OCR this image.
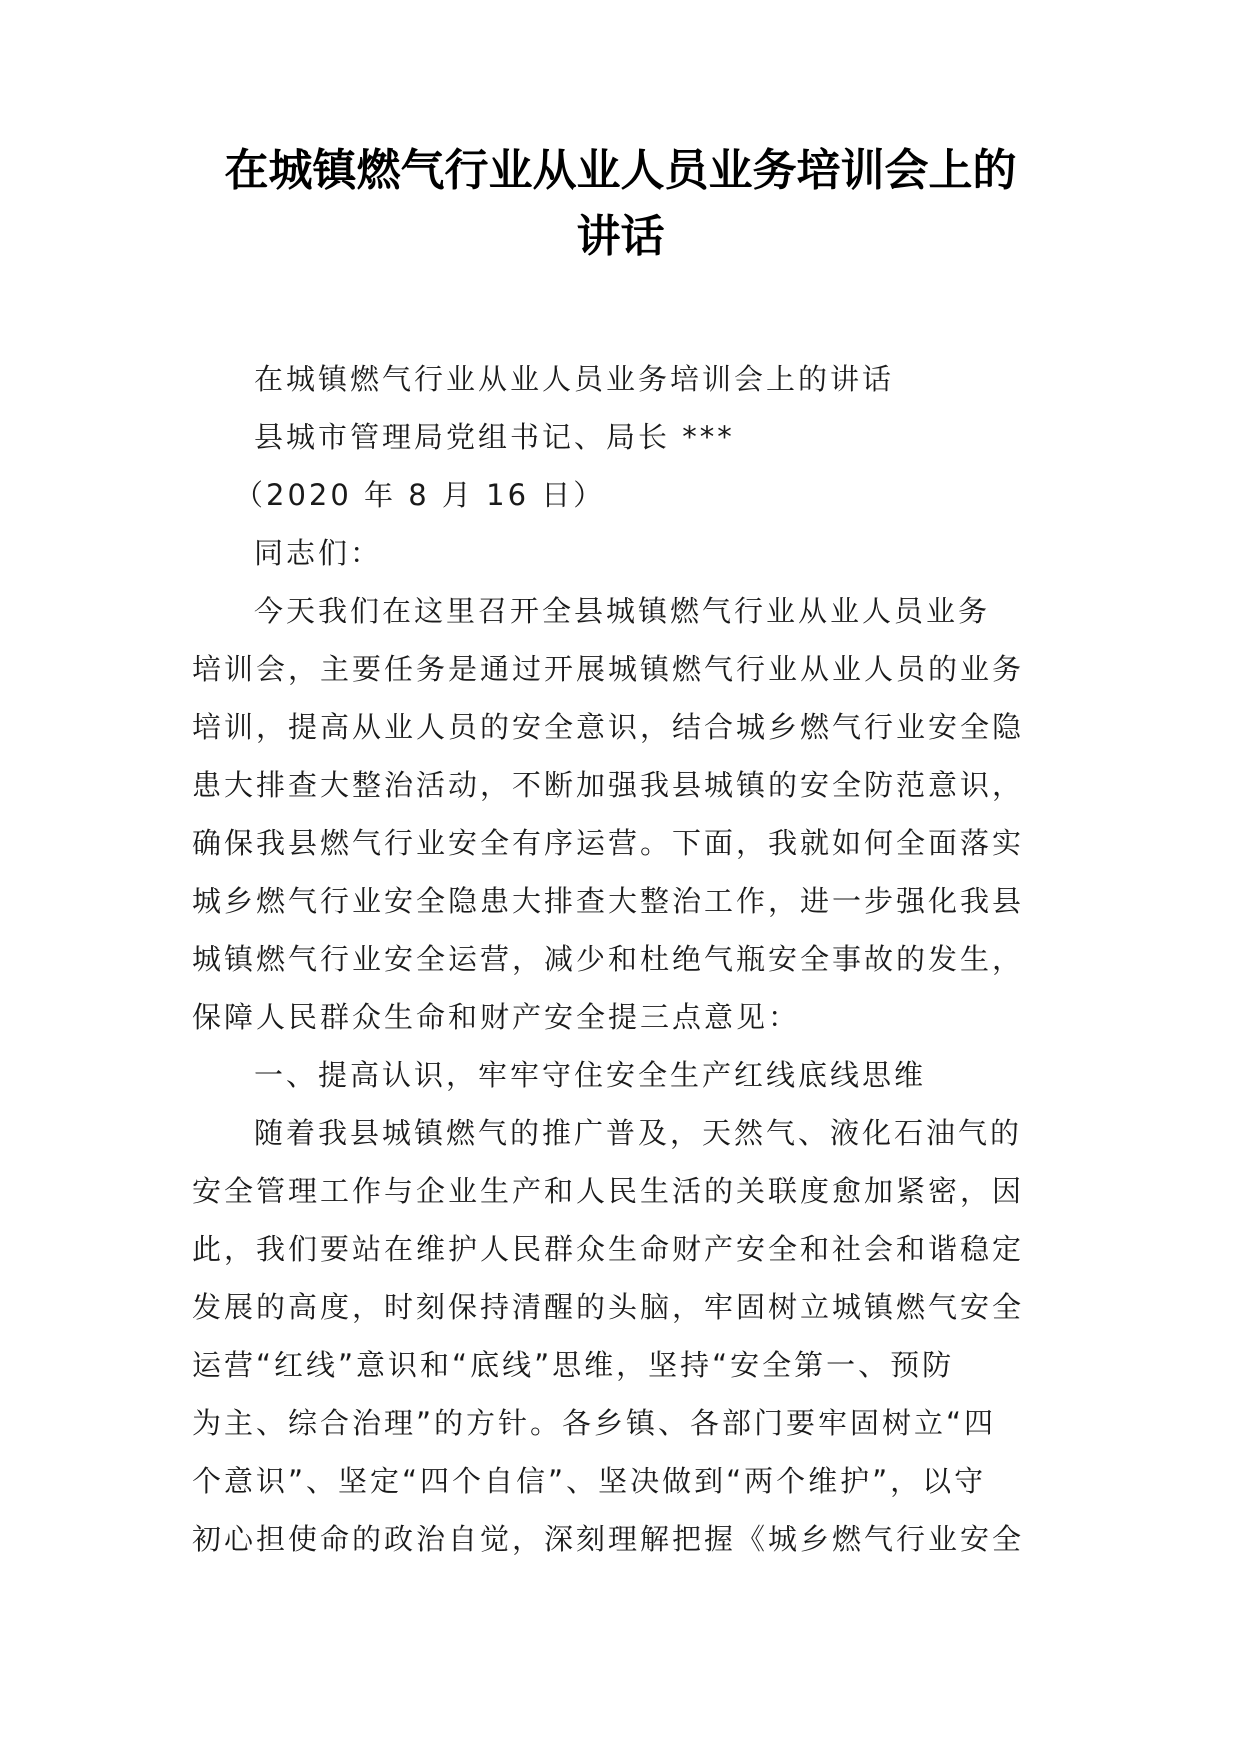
在城镇燃气行业从业人员业务培训会上的
讲话
在城镇燃气行业从业人员业务培训会上的讲话
县城市管理局党组书记、局长 ***
（2020 年 8 月 16 日）
同志们：
今天我们在这里召开全县城镇燃气行业从业人员业务
培训会，主要任务是通过开展城镇燃气行业从业人员的业务
培训，提高从业人员的安全意识，结合城乡燃气行业安全隐
患大排查大整治活动，不断加强我县城镇的安全防范意识，
确保我县燃气行业安全有序运营。下面，我就如何全面落实
城乡燃气行业安全隐患大排查大整治工作，进一步强化我县
城镇燃气行业安全运营，减少和杜绝气瓶安全事故的发生，
保障人民群众生命和财产安全提三点意见：
一、提高认识，牢牢守住安全生产红线底线思维
随着我县城镇燃气的推广普及，天然气、液化石油气的
安全管理工作与企业生产和人民生活的关联度愈加紧密，因
此，我们要站在维护人民群众生命财产安全和社会和谐稳定
发展的高度，时刻保持清醒的头脑，牢固树立城镇燃气安全
运营“红线”意识和“底线”思维，坚持“安全第一、预防
为主、综合治理”的方针。各乡镇、各部门要牢固树立“四
个意识”、坚定“四个自信”、坚决做到“两个维护”，以守
初心担使命的政治自觉，深刻理解把握《城乡燃气行业安全
